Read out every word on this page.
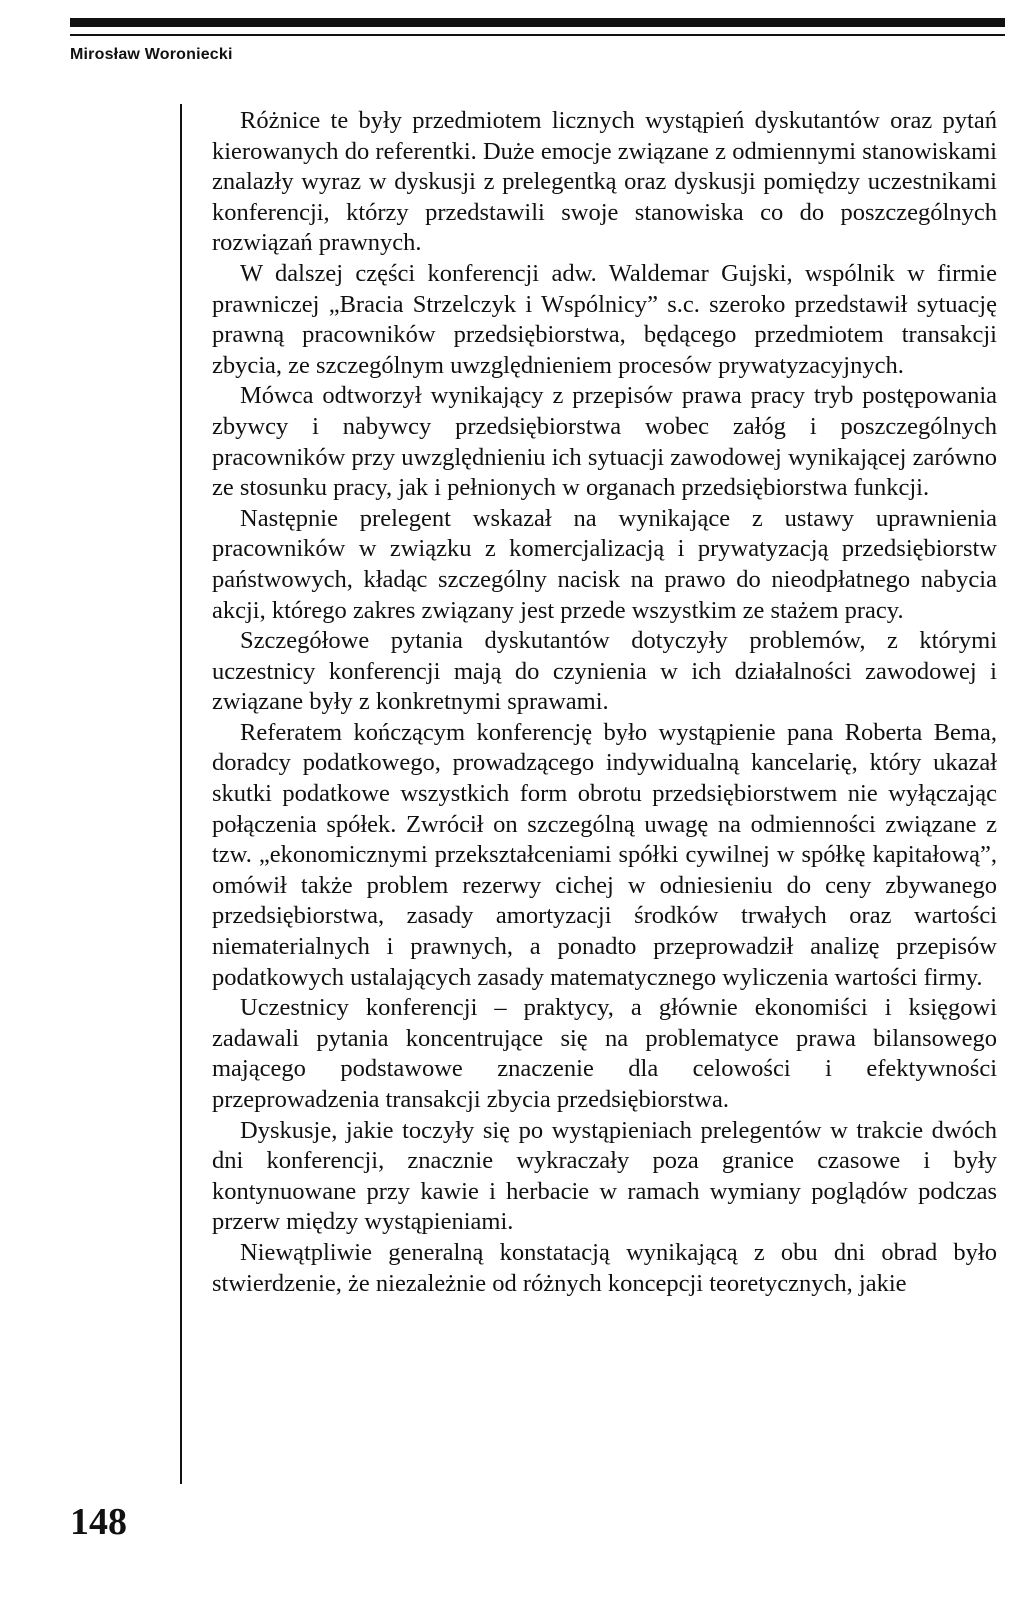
Mirosław Woroniecki

Różnice te były przedmiotem licznych wystąpień dyskutantów oraz pytań kierowanych do referentki. Duże emocje związane z odmiennymi stanowiskami znalazły wyraz w dyskusji z prelegentką oraz dyskusji pomiędzy uczestnikami konferencji, którzy przedstawili swoje stanowiska co do poszczególnych rozwiązań prawnych.

W dalszej części konferencji adw. Waldemar Gujski, wspólnik w firmie prawniczej „Bracia Strzelczyk i Wspólnicy” s.c. szeroko przedstawił sytuację prawną pracowników przedsiębiorstwa, będącego przedmiotem transakcji zbycia, ze szczególnym uwzględnieniem procesów prywatyzacyjnych.

Mówca odtworzył wynikający z przepisów prawa pracy tryb postępowania zbywcy i nabywcy przedsiębiorstwa wobec załóg i poszczególnych pracowników przy uwzględnieniu ich sytuacji zawodowej wynikającej zarówno ze stosunku pracy, jak i pełnionych w organach przedsiębiorstwa funkcji.

Następnie prelegent wskazał na wynikające z ustawy uprawnienia pracowników w związku z komercjalizacją i prywatyzacją przedsiębiorstw państwowych, kładąc szczególny nacisk na prawo do nieodpłatnego nabycia akcji, którego zakres związany jest przede wszystkim ze stażem pracy.

Szczegółowe pytania dyskutantów dotyczyły problemów, z którymi uczestnicy konferencji mają do czynienia w ich działalności zawodowej i związane były z konkretnymi sprawami.

Referatem kończącym konferencję było wystąpienie pana Roberta Bema, doradcy podatkowego, prowadzącego indywidualną kancelarię, który ukazał skutki podatkowe wszystkich form obrotu przedsiębiorstwem nie wyłączając połączenia spółek. Zwrócił on szczególną uwagę na odmienności związane z tzw. „ekonomicznymi przekształceniami spółki cywilnej w spółkę kapitałową”, omówił także problem rezerwy cichej w odniesieniu do ceny zbywanego przedsiębiorstwa, zasady amortyzacji środków trwałych oraz wartości niematerialnych i prawnych, a ponadto przeprowadził analizę przepisów podatkowych ustalających zasady matematycznego wyliczenia wartości firmy.

Uczestnicy konferencji – praktycy, a głównie ekonomiści i księgowi zadawali pytania koncentrujące się na problematyce prawa bilansowego mającego podstawowe znaczenie dla celowości i efektywności przeprowadzenia transakcji zbycia przedsiębiorstwa.

Dyskusje, jakie toczyły się po wystąpieniach prelegentów w trakcie dwóch dni konferencji, znacznie wykraczały poza granice czasowe i były kontynuowane przy kawie i herbacie w ramach wymiany poglądów podczas przerw między wystąpieniami.

Niewątpliwie generalną konstatacją wynikającą z obu dni obrad było stwierdzenie, że niezależnie od różnych koncepcji teoretycznych, jakie

148
